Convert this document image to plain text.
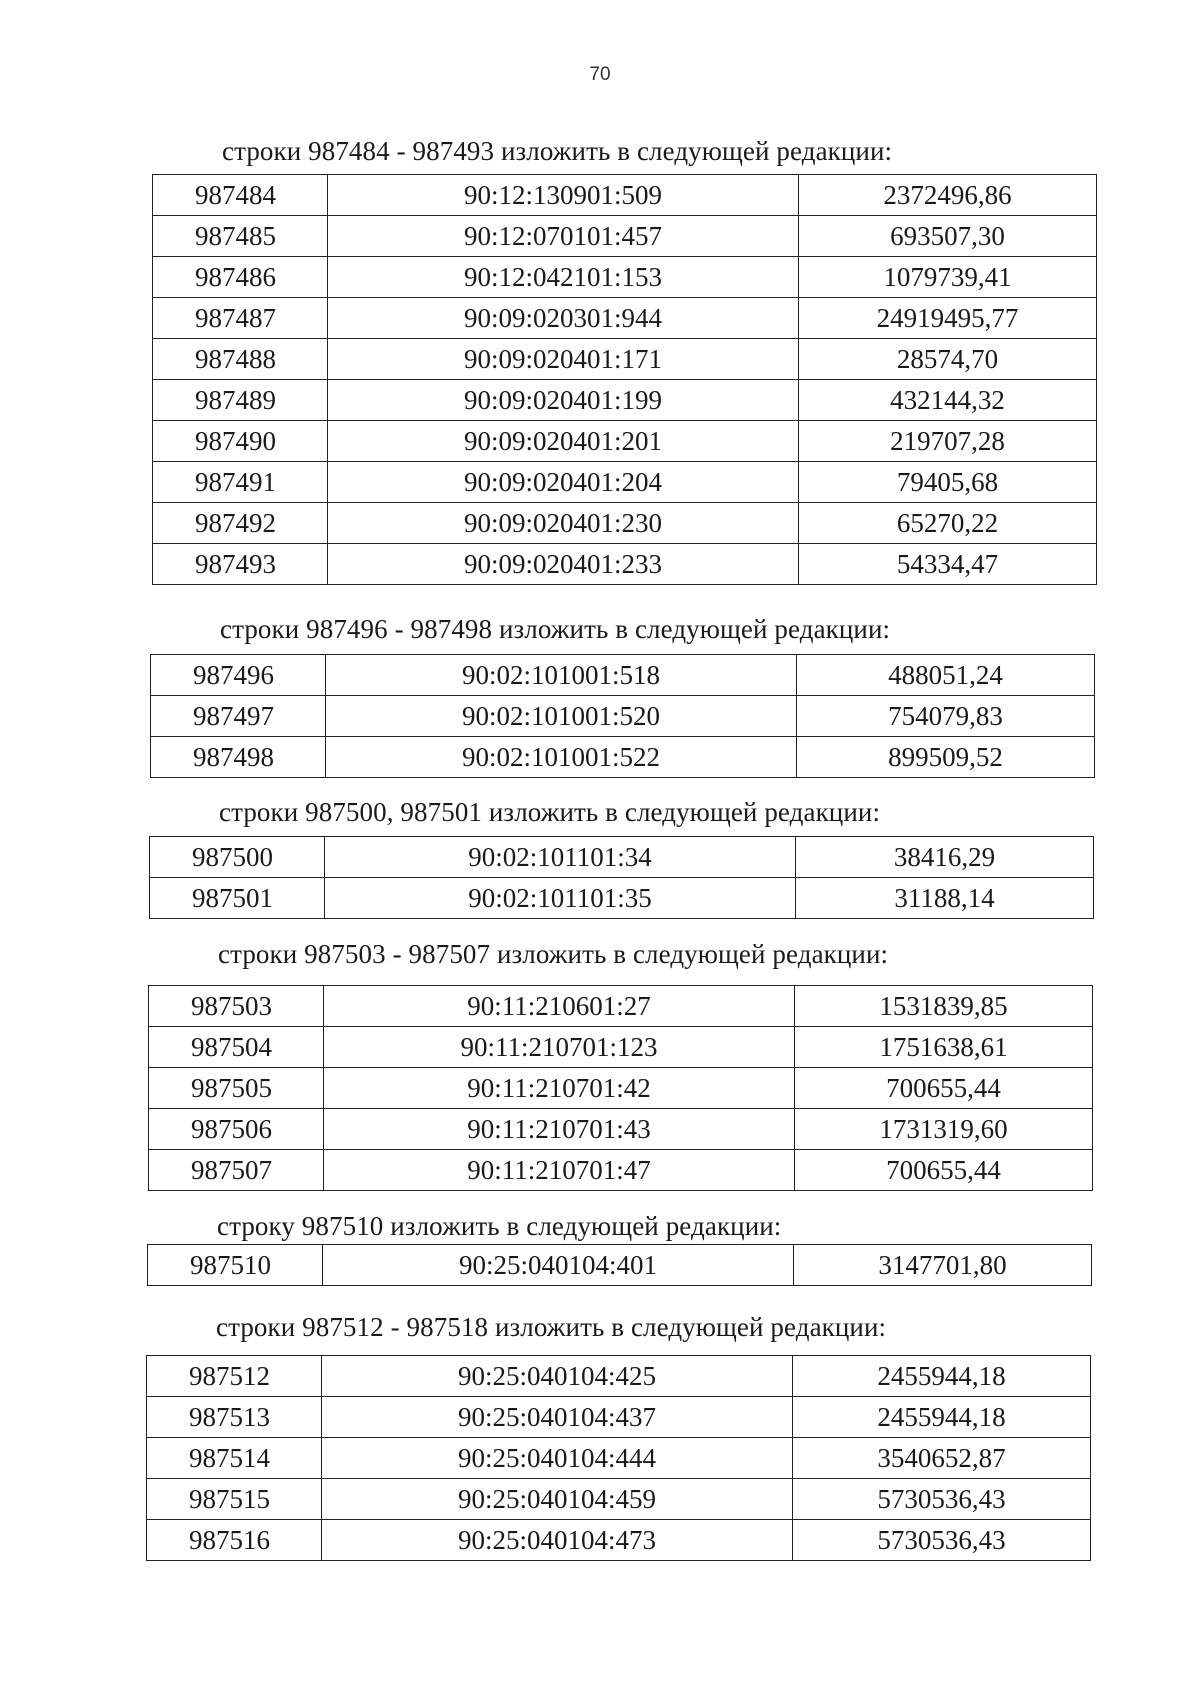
70
строки 987484 - 987493 изложить в следующей редакции:
987484	90:12:130901:509	2372496,86
987485	90:12:070101:457	693507,30
987486	90:12:042101:153	1079739,41
987487	90:09:020301:944	24919495,77
987488	90:09:020401:171	28574,70
987489	90:09:020401:199	432144,32
987490	90:09:020401:201	219707,28
987491	90:09:020401:204	79405,68
987492	90:09:020401:230	65270,22
987493	90:09:020401:233	54334,47
строки 987496 - 987498 изложить в следующей редакции:
987496	90:02:101001:518	488051,24
987497	90:02:101001:520	754079,83
987498	90:02:101001:522	899509,52
строки 987500, 987501 изложить в следующей редакции:
987500	90:02:101101:34	38416,29
987501	90:02:101101:35	31188,14
строки 987503 - 987507 изложить в следующей редакции:
987503	90:11:210601:27	1531839,85
987504	90:11:210701:123	1751638,61
987505	90:11:210701:42	700655,44
987506	90:11:210701:43	1731319,60
987507	90:11:210701:47	700655,44
строку 987510 изложить в следующей редакции:
987510	90:25:040104:401	3147701,80
строки 987512 - 987518 изложить в следующей редакции:
987512	90:25:040104:425	2455944,18
987513	90:25:040104:437	2455944,18
987514	90:25:040104:444	3540652,87
987515	90:25:040104:459	5730536,43
987516	90:25:040104:473	5730536,43
